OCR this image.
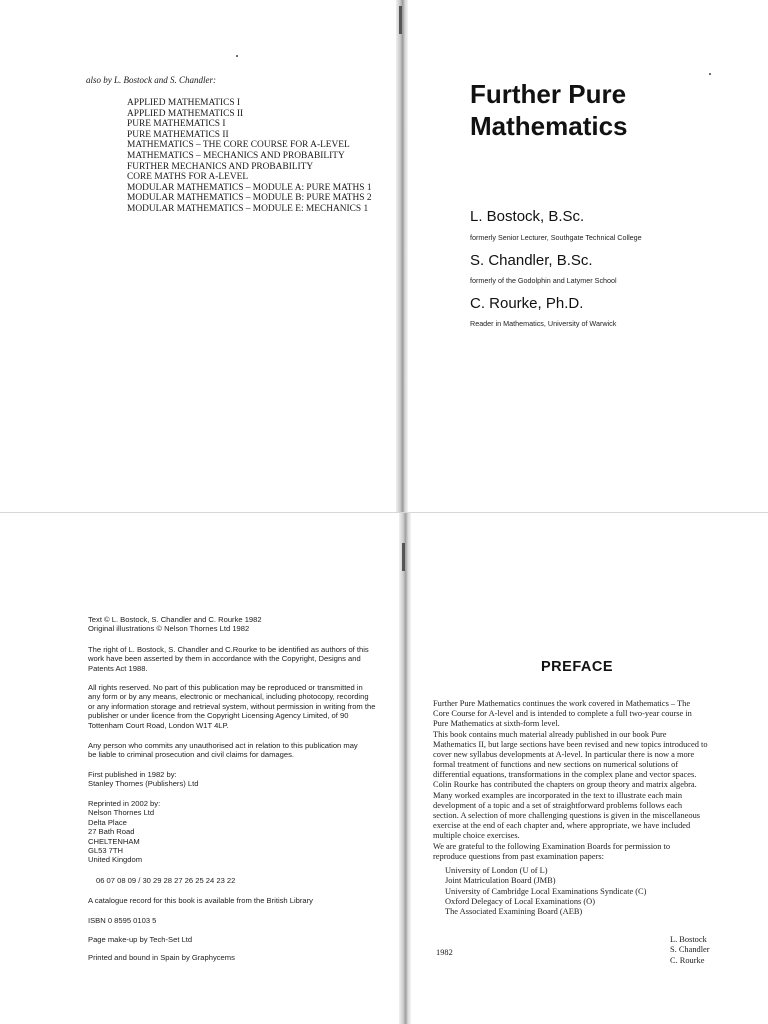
also by L. Bostock and S. Chandler:

APPLIED MATHEMATICS I
APPLIED MATHEMATICS II
PURE MATHEMATICS I
PURE MATHEMATICS II
MATHEMATICS – THE CORE COURSE FOR A-LEVEL
MATHEMATICS – MECHANICS AND PROBABILITY
FURTHER MECHANICS AND PROBABILITY
CORE MATHS FOR A-LEVEL
MODULAR MATHEMATICS – MODULE A: PURE MATHS 1
MODULAR MATHEMATICS – MODULE B: PURE MATHS 2
MODULAR MATHEMATICS – MODULE E: MECHANICS 1
Further Pure
Mathematics

L. Bostock, B.Sc.

formerly Senior Lecturer, Southgate Technical College

S. Chandler, B.Sc.

formerly of the Godolphin and Latymer School

C. Rourke, Ph.D.

Reader in Mathematics, University of Warwick

Text © L. Bostock, S. Chandler and C. Rourke 1982
Original illustrations © Nelson Thornes Ltd 1982
The right of L. Bostock, S. Chandler and C.Rourke to be identified as authors of this
work have been asserted by them in accordance with the Copyright, Designs and
Patents Act 1988.
All rights reserved. No part of this publication may be reproduced or transmitted in
any form or by any means, electronic or mechanical, including photocopy, recording
or any information storage and retrieval system, without permission in writing from the
publisher or under licence from the Copyright Licensing Agency Limited, of 90
Tottenham Court Road, London W1T 4LP.
Any person who commits any unauthorised act in relation to this publication may
be liable to criminal prosecution and civil claims for damages.
First published in 1982 by:
Stanley Thornes (Publishers) Ltd
Reprinted in 2002 by:
Nelson Thornes Ltd
Delta Place
27 Bath Road
CHELTENHAM
GL53 7TH
United Kingdom
06 07 08 09 / 30 29 28 27 26 25 24 23 22
A catalogue record for this book is available from the British Library
ISBN 0 8595 0103 5
Page make-up by Tech-Set Ltd
Printed and bound in Spain by Graphycems
PREFACE
Further Pure Mathematics continues the work covered in Mathematics – The
Core Course for A-level and is intended to complete a full two-year course in
Pure Mathematics at sixth-form level.
This book contains much material already published in our book Pure
Mathematics II, but large sections have been revised and new topics introduced to
cover new syllabus developments at A-level. In particular there is now a more
formal treatment of functions and new sections on numerical solutions of
differential equations, transformations in the complex plane and vector spaces.
Colin Rourke has contributed the chapters on group theory and matrix algebra.
Many worked examples are incorporated in the text to illustrate each main
development of a topic and a set of straightforward problems follows each
section. A selection of more challenging questions is given in the miscellaneous
exercise at the end of each chapter and, where appropriate, we have included
multiple choice exercises.
We are grateful to the following Examination Boards for permission to
reproduce questions from past examination papers:
University of London (U of L)
Joint Matriculation Board (JMB)
University of Cambridge Local Examinations Syndicate (C)
Oxford Delegacy of Local Examinations (O)
The Associated Examining Board (AEB)

1982

L. Bostock
S. Chandler
C. Rourke
